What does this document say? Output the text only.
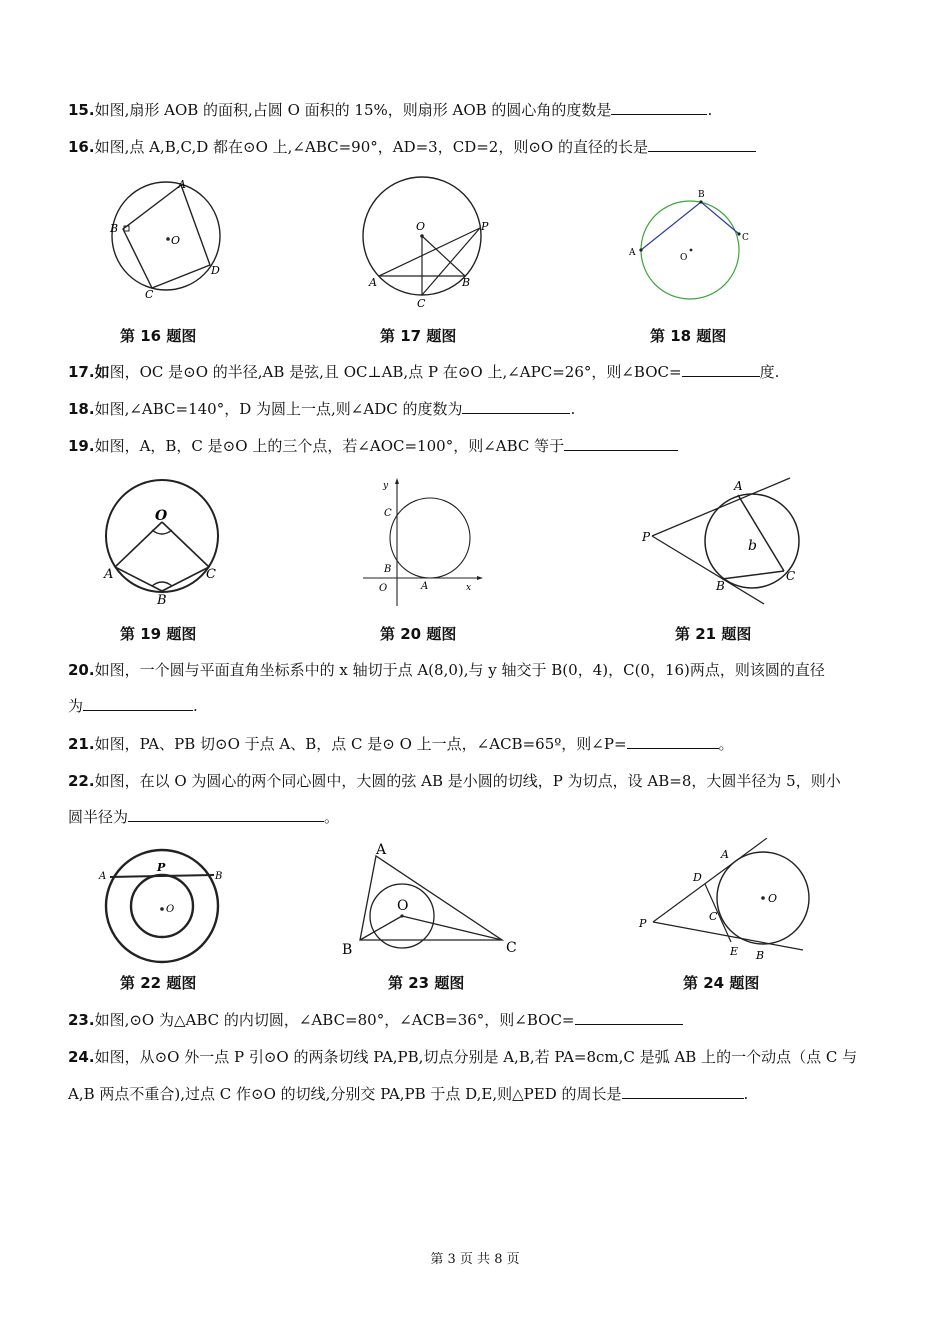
15.如图,扇形 AOB 的面积,占圆 O 面积的 15%，则扇形 AOB 的圆心角的度数是	.
16.如图,点 A,B,C,D 都在⊙O 上,∠ABC=90°，AD=3，CD=2，则⊙O 的直径的长是
A
B
C
D
O
O	P
A	B
C
A
B
C
O
第 16 题图	第 17 题图	第 18 题图
17.如图，OC 是⊙O 的半径,AB 是弦,且 OC⊥AB,点 P 在⊙O 上,∠APC=26°，则∠BOC=	度.
18.如图,∠ABC=140°，D 为圆上一点,则∠ADC 的度数为	.
19.如图，A，B，C 是⊙O 上的三个点，若∠AOC=100°，则∠ABC 等于
O
A
B
C
y
x
C
B
O	A
A
P
b
B
C
第 19 题图	第 20 题图	第 21 题图
20.如图，一个圆与平面直角坐标系中的 x 轴切于点 A(8,0),与 y 轴交于 B(0，4)，C(0，16)两点，则该圆的直径
为	.
21.如图，PA、PB 切⊙O 于点 A、B，点 C 是⊙ O 上一点，∠ACB=65º，则∠P=	。
22.如图，在以 O 为圆心的两个同心圆中，大圆的弦 AB 是小圆的切线，P 为切点，设 AB=8，大圆半径为 5，则小
圆半径为	。
A
P
B
O
A
O
B	C
A
D
O
P
C
E B
第 22 题图	第 23 题图	第 24 题图
23.如图,⊙O 为△ABC 的内切圆，∠ABC=80°，∠ACB=36°，则∠BOC=
24.如图，从⊙O 外一点 P 引⊙O 的两条切线 PA,PB,切点分别是 A,B,若 PA=8cm,C 是弧 AB 上的一个动点（点 C 与
A,B 两点不重合),过点 C 作⊙O 的切线,分别交 PA,PB 于点 D,E,则△PED 的周长是	.
第 3 页 共 8 页
